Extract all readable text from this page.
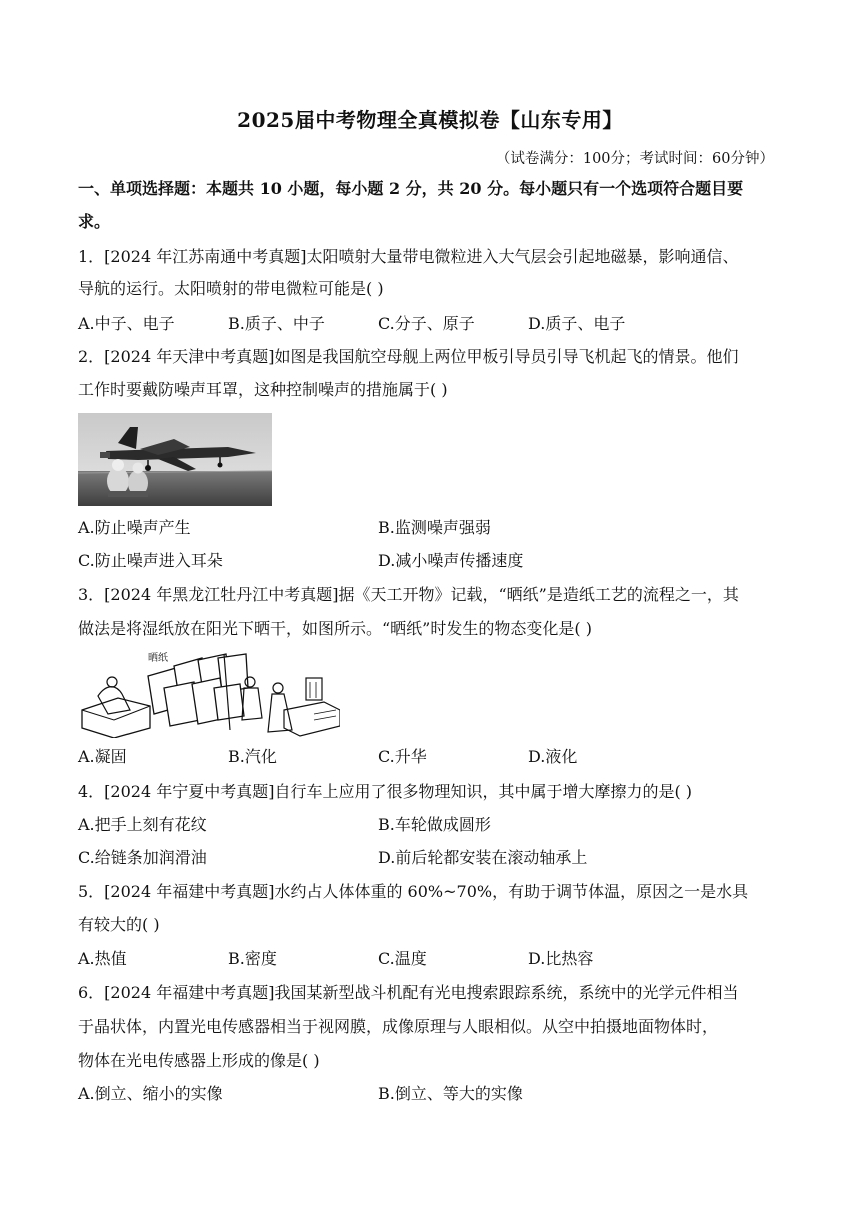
2025届中考物理全真模拟卷【山东专用】
（试卷满分：100分；考试时间：60分钟）
一、单项选择题：本题共 10 小题，每小题 2 分，共 20 分。每小题只有一个选项符合题目要
求。
1．[2024 年江苏南通中考真题]太阳喷射大量带电微粒进入大气层会引起地磁暴，影响通信、
导航的运行。太阳喷射的带电微粒可能是( )
A.中子、电子	B.质子、中子	C.分子、原子	D.质子、电子
2．[2024 年天津中考真题]如图是我国航空母舰上两位甲板引导员引导飞机起飞的情景。他们
工作时要戴防噪声耳罩，这种控制噪声的措施属于( )
A.防止噪声产生	B.监测噪声强弱
C.防止噪声进入耳朵	D.减小噪声传播速度
3．[2024 年黑龙江牡丹江中考真题]据《天工开物》记载，“晒纸”是造纸工艺的流程之一，其
做法是将湿纸放在阳光下晒干，如图所示。“晒纸”时发生的物态变化是( )
晒纸
A.凝固	B.汽化	C.升华	D.液化
4．[2024 年宁夏中考真题]自行车上应用了很多物理知识，其中属于增大摩擦力的是( )
A.把手上刻有花纹	B.车轮做成圆形
C.给链条加润滑油	D.前后轮都安装在滚动轴承上
5．[2024 年福建中考真题]水约占人体体重的 60%~70%，有助于调节体温，原因之一是水具
有较大的( )
A.热值	B.密度	C.温度	D.比热容
6．[2024 年福建中考真题]我国某新型战斗机配有光电搜索跟踪系统，系统中的光学元件相当
于晶状体，内置光电传感器相当于视网膜，成像原理与人眼相似。从空中拍摄地面物体时，
物体在光电传感器上形成的像是( )
A.倒立、缩小的实像	B.倒立、等大的实像
